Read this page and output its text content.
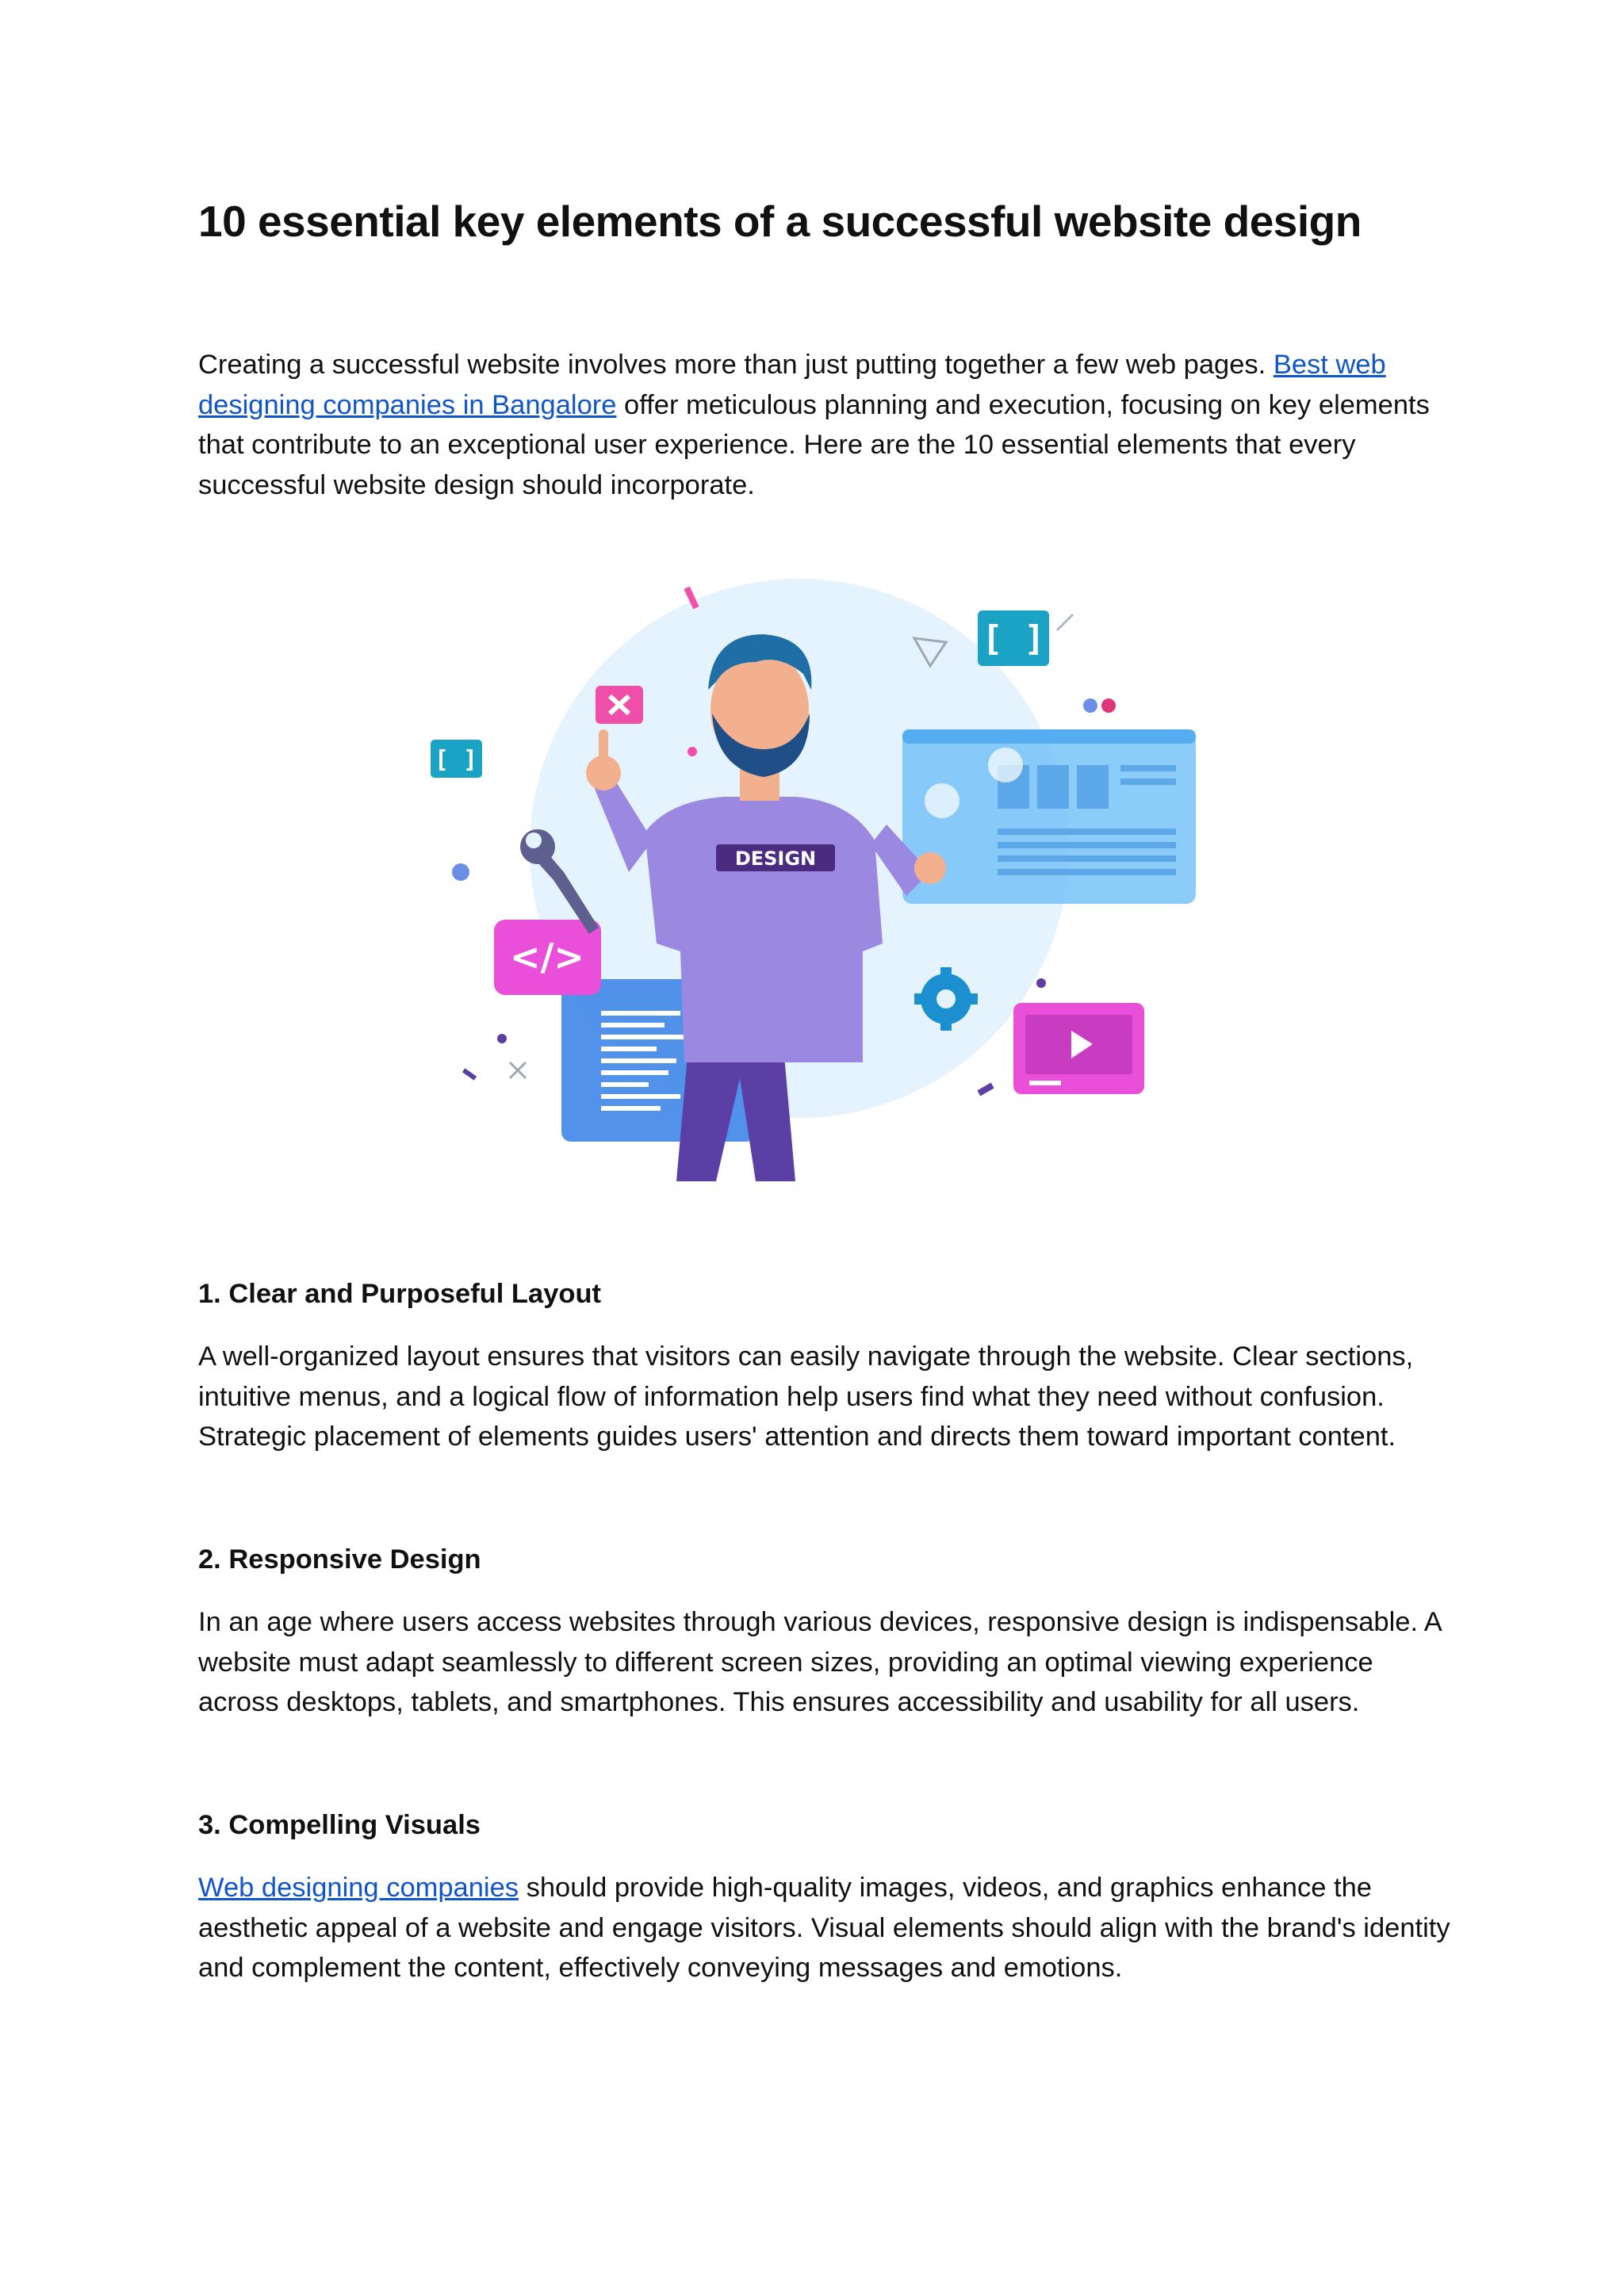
10 essential key elements of a successful website design

Creating a successful website involves more than just putting together a few web pages. Best web designing companies in Bangalore offer meticulous planning and execution, focusing on key elements that contribute to an exceptional user experience. Here are the 10 essential elements that every successful website design should incorporate.

1. Clear and Purposeful Layout

A well-organized layout ensures that visitors can easily navigate through the website. Clear sections, intuitive menus, and a logical flow of information help users find what they need without confusion. Strategic placement of elements guides users' attention and directs them toward important content.

2. Responsive Design

In an age where users access websites through various devices, responsive design is indispensable. A website must adapt seamlessly to different screen sizes, providing an optimal viewing experience across desktops, tablets, and smartphones. This ensures accessibility and usability for all users.

3. Compelling Visuals

Web designing companies should provide high-quality images, videos, and graphics enhance the aesthetic appeal of a website and engage visitors. Visual elements should align with the brand's identity and complement the content, effectively conveying messages and emotions.

</>
[ ]
[ ]
DESIGN
